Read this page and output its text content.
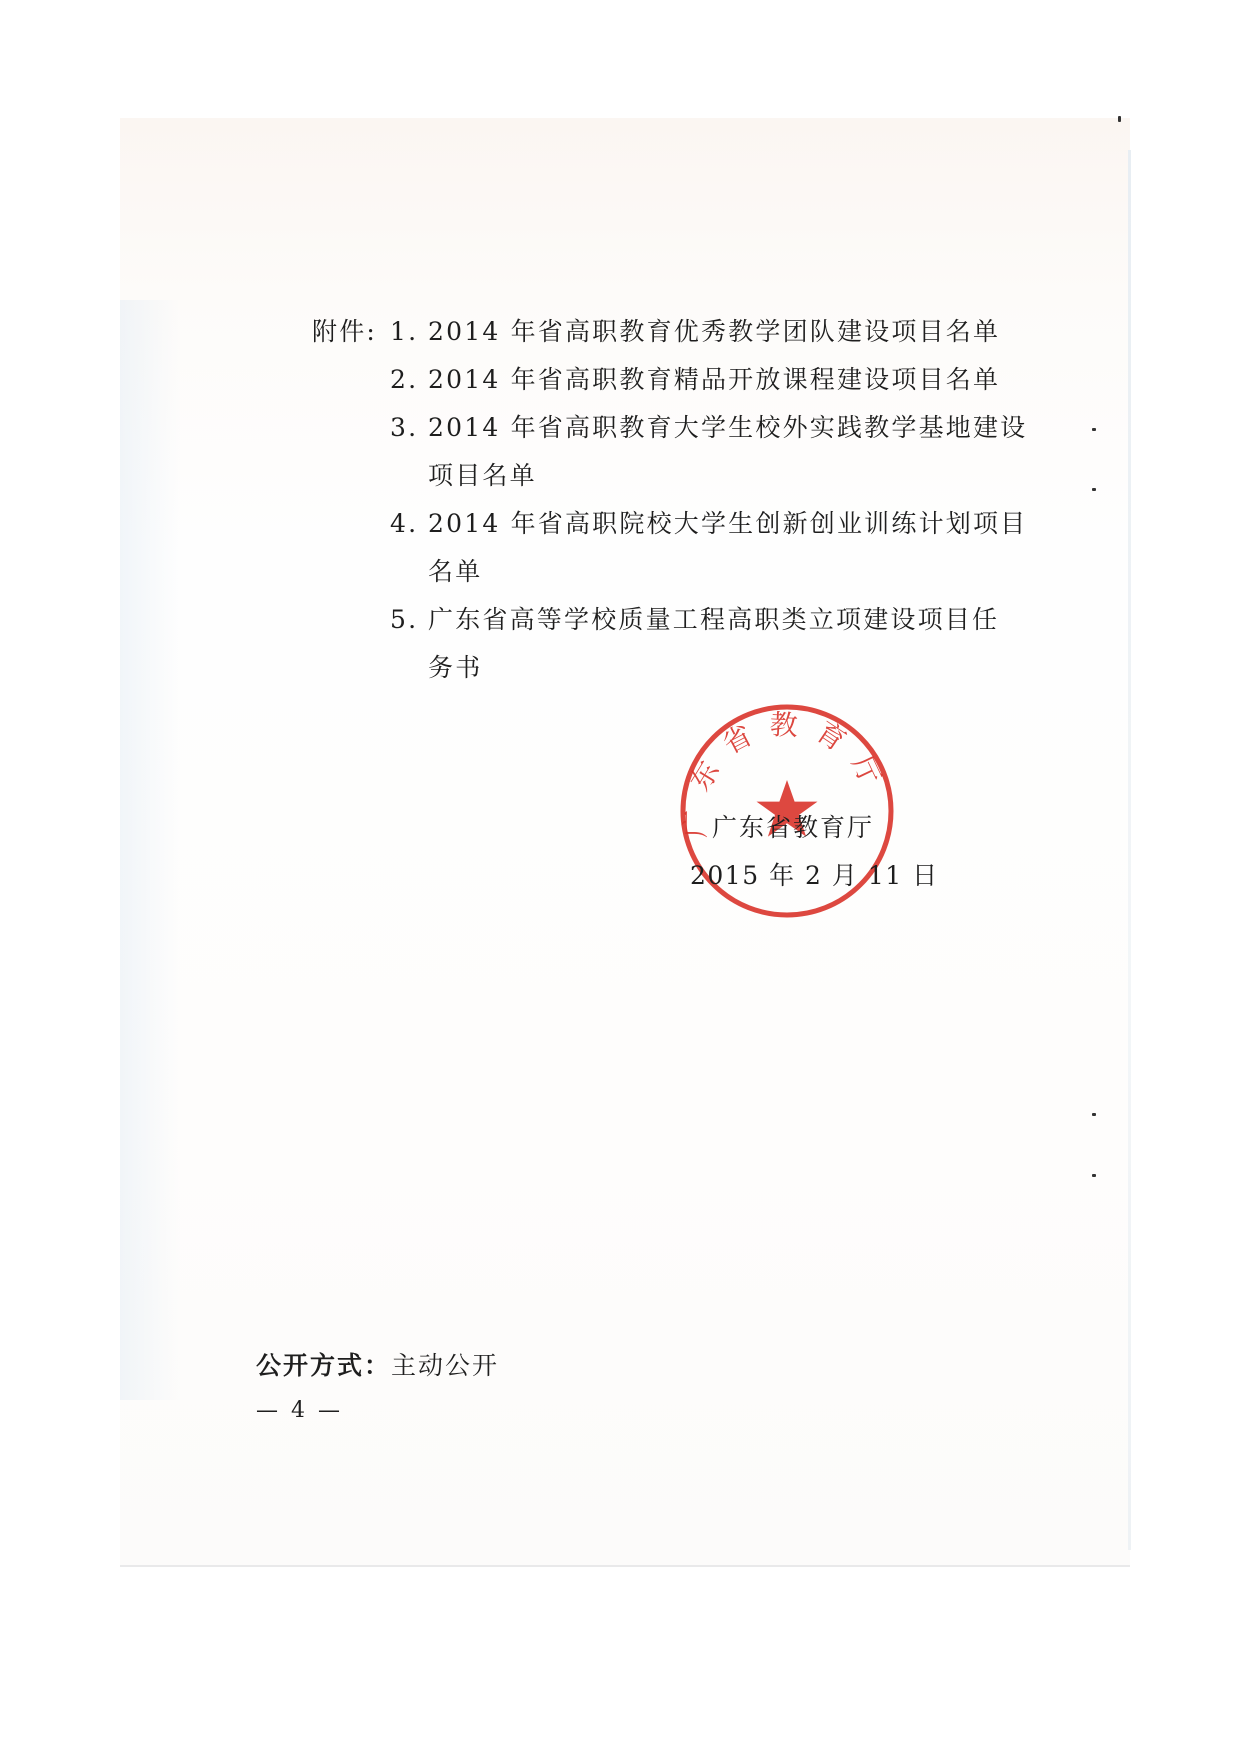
附件: 1. 2014 年省高职教育优秀教学团队建设项目名单
2. 2014 年省高职教育精品开放课程建设项目名单
3. 2014 年省高职教育大学生校外实践教学基地建设
项目名单
4. 2014 年省高职院校大学生创新创业训练计划项目
名单
5. 广东省高等学校质量工程高职类立项建设项目任
务书
广东省教育厅
广东省教育厅
2015 年 2 月 11 日
公开方式：主动公开
— 4 —
